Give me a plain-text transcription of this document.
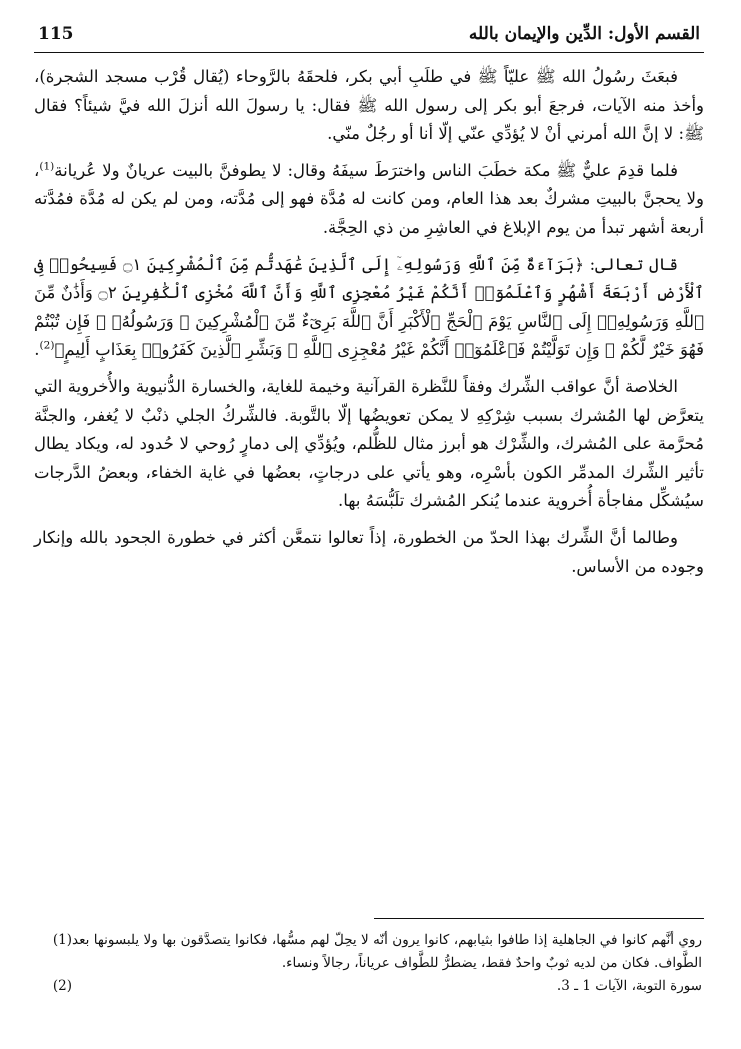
القسم الأول: الدِّين والإيمان بالله
115

فبعَثَ رسُولُ الله ﷺ عليّاً ﷺ في طلَبِ أبي بكر، فلحقَهُ بالرَّوحاء (يُقال قُرْب مسجد الشجرة)، وأخذ منه الآيات، فرجعَ أبو بكر إلى رسول الله ﷺ فقال: يا رسولَ الله أنزلَ الله فيَّ شيئاً؟ فقال ﷺ: لا إنَّ الله أمرني أنْ لا يُؤدِّي عنّي إلّا أنا أو رجُلٌ منّي.

فلما قدِمَ عليٌّ ﷺ مكة خطَبَ الناس واخترَطَ سيفَهُ وقال: لا يطوفنَّ بالبيت عريانٌ ولا عُريانة$^{(1)}$، ولا يحجنَّ بالبيتِ مشركٌ بعد هذا العام، ومن كانت له مُدَّة فهو إلى مُدَّته، ومن لم يكن له مُدَّة فمُدَّته أربعة أشهر تبدأ من يوم الإبلاغ في العاشِرِ من ذي الحِجَّة.

قال تعالى: ﴿بَرَآءَةٌ مِّنَ ٱللَّهِ وَرَسُولِهِۦٓ إِلَى ٱلَّذِينَ عَٰهَدتُّم مِّنَ ٱلْمُشْرِكِينَ ۝١ فَسِيحُوا۟ فِى ٱلْأَرْضِ أَرْبَعَةَ أَشْهُرٍ وَٱعْلَمُوٓا۟ أَنَّكُمْ غَيْرُ مُعْجِزِى ٱللَّهِ وَأَنَّ ٱللَّهَ مُخْزِى ٱلْكَٰفِرِينَ ۝٢ وَأَذَٰنٌ مِّنَ ٱللَّهِ وَرَسُولِهِۦٓ إِلَى ٱلنَّاسِ يَوْمَ ٱلْحَجِّ ٱلْأَكْبَرِ أَنَّ ٱللَّهَ بَرِىٓءٌ مِّنَ ٱلْمُشْرِكِينَ ۙ وَرَسُولُهُۥ ۚ فَإِن تُبْتُمْ فَهُوَ خَيْرٌ لَّكُمْ ۖ وَإِن تَوَلَّيْتُمْ فَٱعْلَمُوٓا۟ أَنَّكُمْ غَيْرُ مُعْجِزِى ٱللَّهِ ۗ وَبَشِّرِ ٱلَّذِينَ كَفَرُوا۟ بِعَذَابٍ أَلِيمٍ﴾$^{(2)}$.

الخلاصة أنَّ عواقب الشِّرك وفقاً للنَّظرة القرآنية وخيمة للغاية، والخسارة الدُّنيوية والأُخروية التي يتعرَّض لها المُشرك بسبب شِرْكِهِ لا يمكن تعويضُها إلّا بالتَّوبة. فالشِّركُ الجلي ذنْبٌ لا يُغفر، والجنَّة مُحرَّمة على المُشرك، والشِّرْك هو أبرز مثال للظُّلم، ويُؤدِّي إلى دمارٍ رُوحي لا حُدود له، ويكاد يطال تأثير الشِّرك المدمِّر الكون بأسْرِه، وهو يأتي على درجاتٍ، بعضُها في غاية الخفاء، وبعضُ الدَّرجات سيُشكِّل مفاجأة أُخروية عندما يُنكر المُشرك تلَبُّسَهُ بها.

وطالما أنَّ الشِّرك بهذا الحدّ من الخطورة، إذاً تعالوا نتمعَّن أكثر في خطورة الجحود بالله وإنكار وجوده من الأساس.

روي أنَّهم كانوا في الجاهلية إذا طافوا بثيابهم، كانوا يرون أنّه لا يحِلّ لهم مسُّها، فكانوا يتصدَّقون بها ولا يلبسونها بعد الطَّواف. فكان من لديه ثوبٌ واحدٌ فقط، يضطرُّ للطَّواف عرياناً، رجالاً ونساء.
(1)
سورة التوبة، الآيات 1 ـ 3.
(2)
